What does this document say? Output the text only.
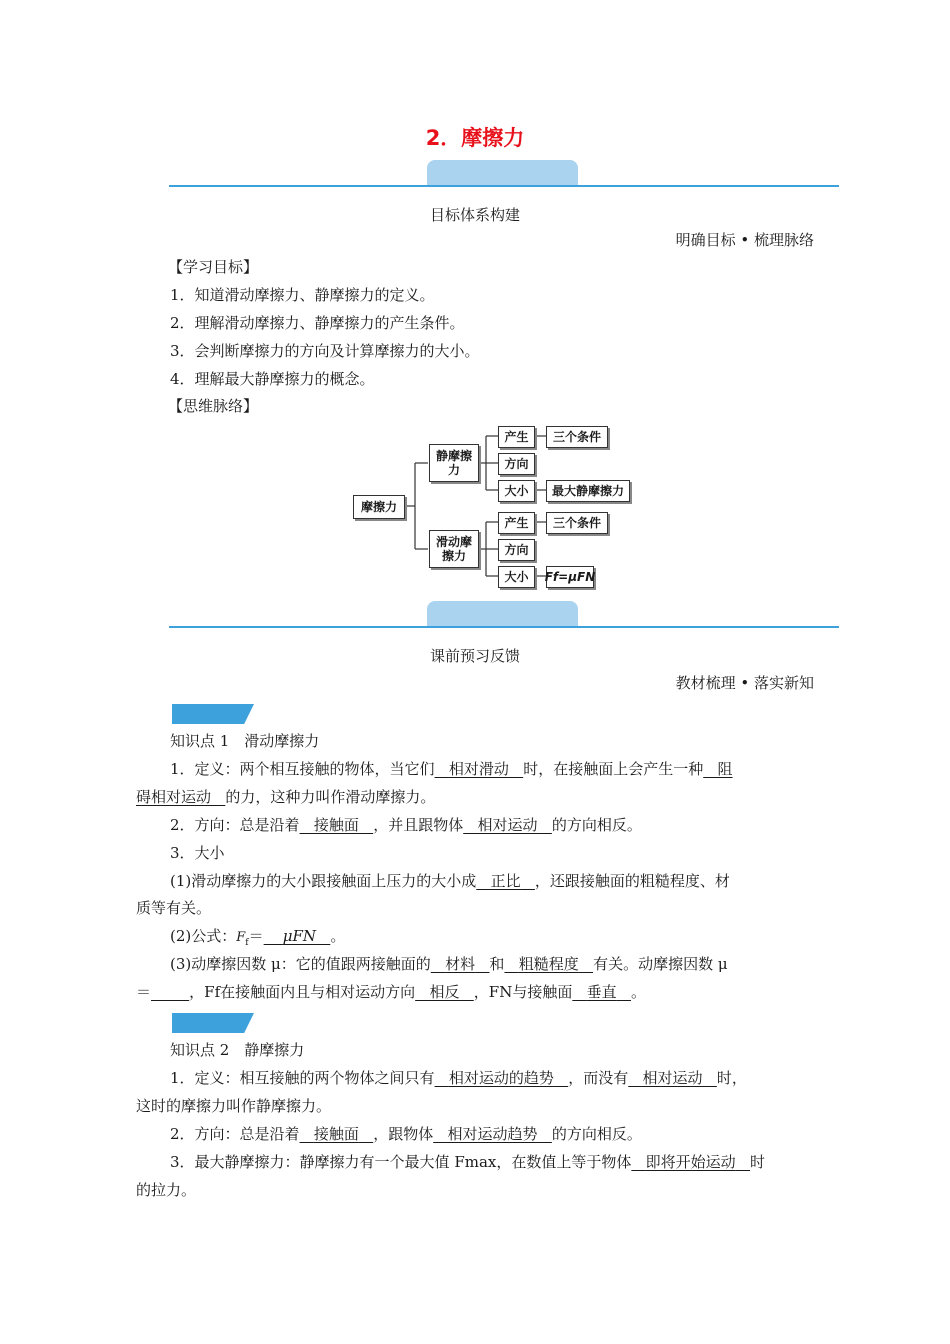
2．摩擦力
目标体系构建
明确目标 • 梳理脉络

【学习目标】

1．知道滑动摩擦力、静摩擦力的定义。

2．理解滑动摩擦力、静摩擦力的产生条件。

3．会判断摩擦力的方向及计算摩擦力的大小。

4．理解最大静摩擦力的概念。

【思维脉络】

摩擦力
静摩擦力
产生	三个条件
方向
大小	最大静摩擦力
滑动摩擦力
产生	三个条件
方向
大小	Ff=μFN
课前预习反馈
教材梳理 • 落实新知

知识点 1　滑动摩擦力

1．定义：两个相互接触的物体，当它们 相对滑动 时，在接触面上会产生一种 阻

碍相对运动 的力，这种力叫作滑动摩擦力。

2．方向：总是沿着 接触面 ，并且跟物体 相对运动 的方向相反。

3．大小

(1)滑动摩擦力的大小跟接触面上压力的大小成 正比 ，还跟接触面的粗糙程度、材

质等有关。

(2)公式：$F_f= \mu FN$ 。

(3)动摩擦因数 μ：它的值跟两接触面的 材料 和 粗糙程度 有关。动摩擦因数 μ

＝	，Ff在接触面内且与相对运动方向 相反 ，FN与接触面 垂直 。

知识点 2　静摩擦力

1．定义：相互接触的两个物体之间只有 相对运动的趋势 ，而没有 相对运动 时，

这时的摩擦力叫作静摩擦力。

2．方向：总是沿着 接触面 ，跟物体 相对运动趋势 的方向相反。

3．最大静摩擦力：静摩擦力有一个最大值 Fmax，在数值上等于物体 即将开始运动 时

的拉力。
